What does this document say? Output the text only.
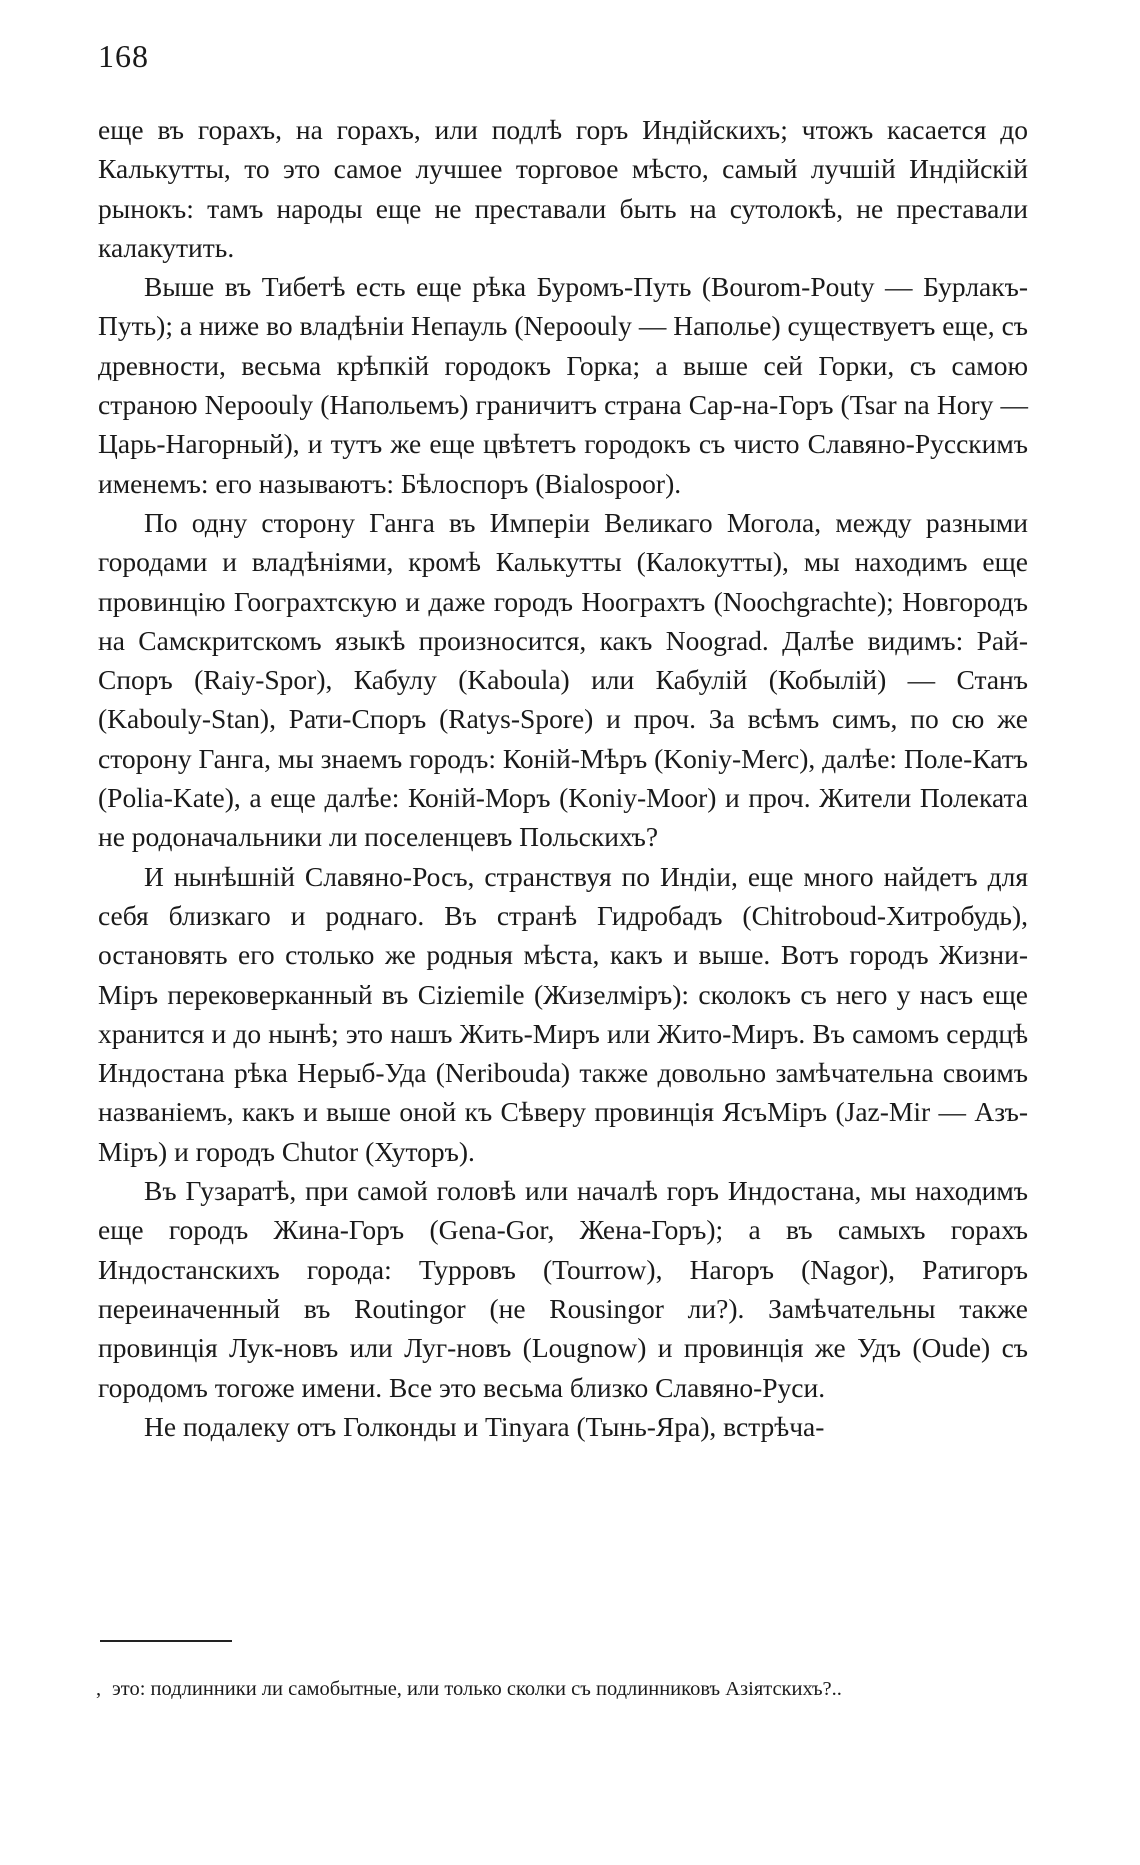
168

еще въ горахъ, на горахъ, или подлѣ горъ Индійскихъ; чтожъ касается до Калькутты, то это самое лучшее торговое мѣсто, самый лучшій Индійскій рынокъ: тамъ народы еще не преставали быть на сутолокѣ, не преставали калакутить.

Выше въ Тибетѣ есть еще рѣка Буромъ-Путь (Bourom-Pouty — Бурлакъ-Путь); а ниже во владѣніи Непауль (Nepoouly — Наполье) существуетъ еще, съ древности, весьма крѣпкій городокъ Горка; а выше сей Горки, съ самою страною Nepoouly (Напольемъ) граничитъ страна Сар-на-Горъ (Tsar na Hory — Царь-Нагорный), и тутъ же еще цвѣтетъ городокъ съ чисто Славяно-Русскимъ именемъ: его называютъ: Бѣлоспоръ (Bialospoor).

По одну сторону Ганга въ Имперіи Великаго Могола, между разными городами и владѣніями, кромѣ Калькутты (Калокутты), мы находимъ еще провинцію Гоограхтскую и даже городъ Ноограхтъ (Noochgrachte); Новгородъ на Самскритскомъ языкѣ произноситcя, какъ Noograd. Далѣе видимъ: Рай-Споръ (Raiy-Spor), Кабулу (Kaboula) или Кабулій (Кобылій) — Станъ (Kabouly-Stan), Рати-Споръ (Ratys-Spore) и проч. За всѣмъ симъ, по сю же сторону Ганга, мы знаемъ городъ: Коній-Мѣръ (Koniy-Merc), далѣе: Поле-Катъ (Polia-Kate), а еще далѣе: Коній-Моръ (Koniy-Moor) и проч. Жители Полеката не родоначальники ли поселенцевъ Польскихъ?

И нынѣшній Славяно-Росъ, странствуя по Индіи, еще много найдетъ для себя близкаго и роднаго. Въ странѣ Гидробадъ (Chitroboud-Хитробудь), остановять его столько же родныя мѣста, какъ и выше. Вотъ городъ Жизни-Міръ перековерканный въ Ciziemile (Жизелміръ): сколокъ съ него у насъ еще хранится и до нынѣ; это нашъ Жить-Миръ или Жито-Миръ. Въ самомъ сердцѣ Индостана рѣка Нерыб-Уда (Neribouda) также довольно замѣчательна своимъ названіемъ, какъ и выше оной къ Сѣверу провинція ЯсъМіръ (Jaz-Mir — Азъ-Міръ) и городъ Chutor (Хуторъ).

Въ Гузаратѣ, при самой головѣ или началѣ горъ Индостана, мы находимъ еще городъ Жина-Горъ (Gena-Gor, Жена-Горъ); а въ самыхъ горахъ Индостанскихъ города: Турровъ (Tourrow), Нагоръ (Nagor), Ратигоръ переиначенный въ Routingor (не Rousingor ли?). Замѣчательны также провинція Лук-новъ или Луг-новъ (Lougnow) и провинція же Удъ (Oude) съ городомъ тогоже имени. Все это весьма близко Славяно-Руси.

Не подалеку отъ Голконды и Tinyara (Тынь-Яра), встрѣча-

, это: подлинники ли самобытные, или только сколки съ подлинниковъ Азіятскихъ?..
